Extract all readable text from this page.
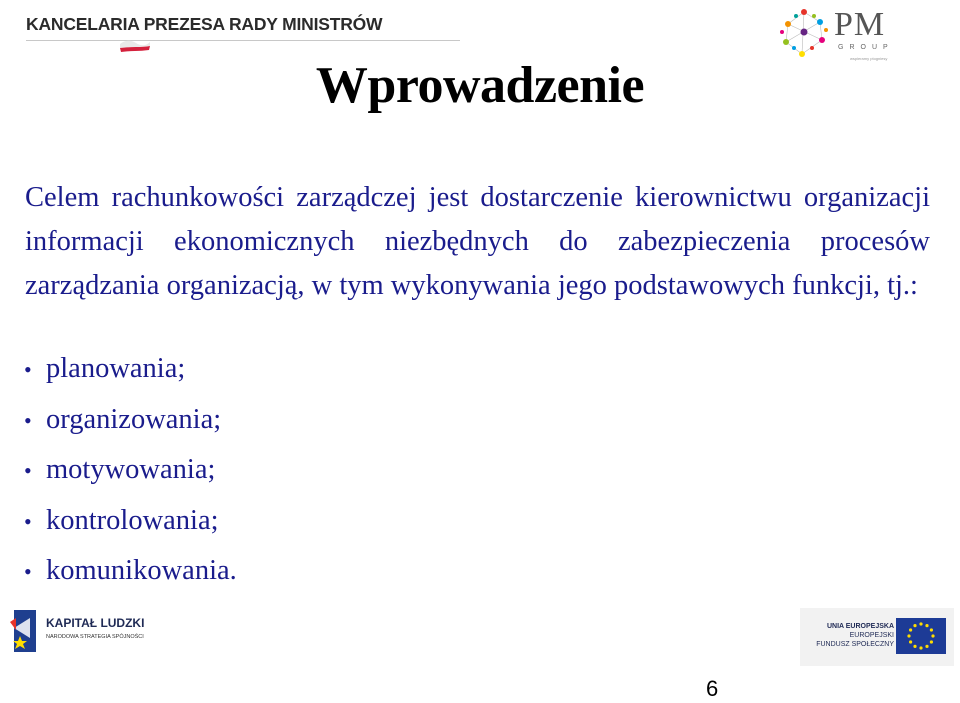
KANCELARIA PREZESA RADY MINISTRÓW	PM
GROUP
wspieramy ptogniesy
Wprowadzenie
Celem rachunkowości zarządczej jest dostarczenie kierownictwu organizacji informacji ekonomicznych niezbędnych do zabezpieczenia procesów zarządzania organizacją, w tym wykonywania jego podstawowych funkcji, tj.:
• planowania;
• organizowania;
• motywowania;
• kontrolowania;
• komunikowania.
KAPITAŁ LUDZKI
NARODOWA STRATEGIA SPÓJNOŚCI
UNIA EUROPEJSKA
EUROPEJSKI
FUNDUSZ SPOŁECZNY
6
